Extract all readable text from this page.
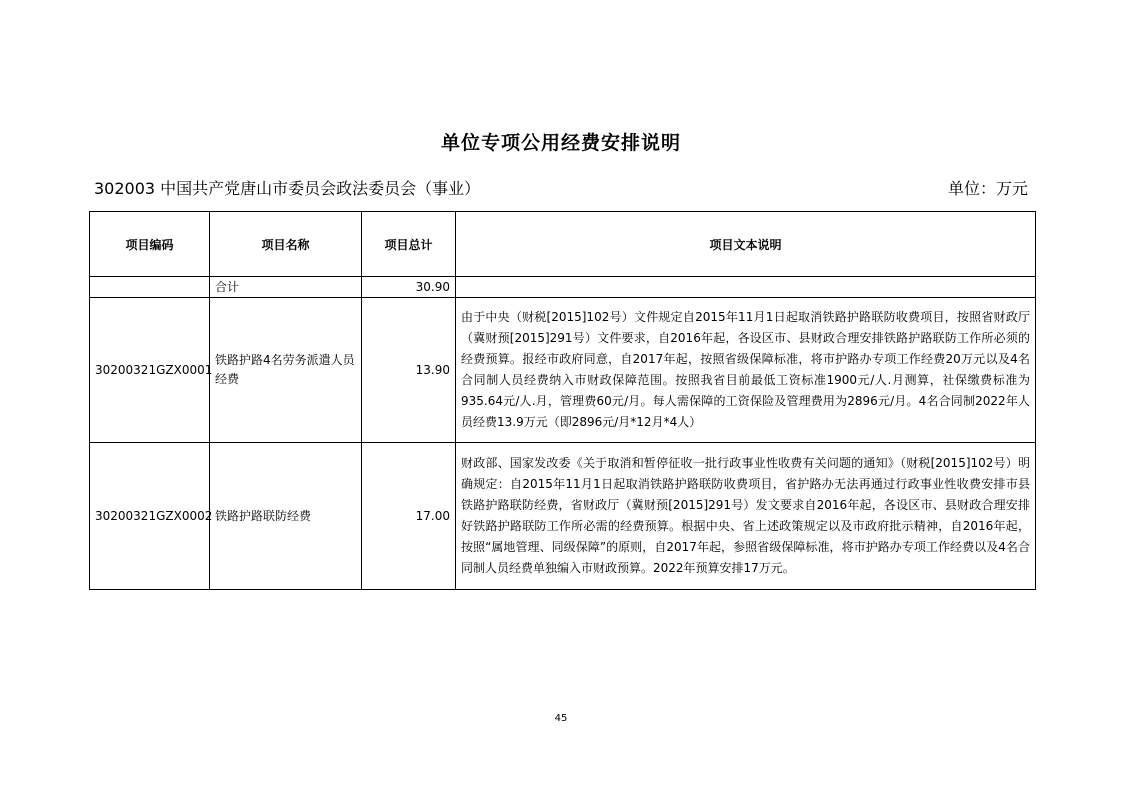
单位专项公用经费安排说明
302003 中国共产党唐山市委员会政法委员会（事业）	单位：万元
项目编码	项目名称	项目总计	项目文本说明
	合计	30.90	
30200321GZX0001	铁路护路4名劳务派遣人员经费	13.90	由于中央（财税[2015]102号）文件规定自2015年11月1日起取消铁路护路联防收费项目，按照省财政厅（冀财预[2015]291号）文件要求，自2016年起，各设区市、县财政合理安排铁路护路联防工作所必须的经费预算。报经市政府同意，自2017年起，按照省级保障标准，将市护路办专项工作经费20万元以及4名合同制人员经费纳入市财政保障范围。按照我省目前最低工资标准1900元/人.月测算，社保缴费标准为935.64元/人.月，管理费60元/月。每人需保障的工资保险及管理费用为2896元/月。4名合同制2022年人员经费13.9万元（即2896元/月*12月*4人）
30200321GZX0002	铁路护路联防经费	17.00	财政部、国家发改委《关于取消和暂停征收一批行政事业性收费有关问题的通知》（财税[2015]102号）明确规定：自2015年11月1日起取消铁路护路联防收费项目，省护路办无法再通过行政事业性收费安排市县铁路护路联防经费，省财政厅（冀财预[2015]291号）发文要求自2016年起，各设区市、县财政合理安排好铁路护路联防工作所必需的经费预算。根据中央、省上述政策规定以及市政府批示精神，自2016年起，按照“属地管理、同级保障”的原则，自2017年起，参照省级保障标准，将市护路办专项工作经费以及4名合同制人员经费单独编入市财政预算。2022年预算安排17万元。
45
